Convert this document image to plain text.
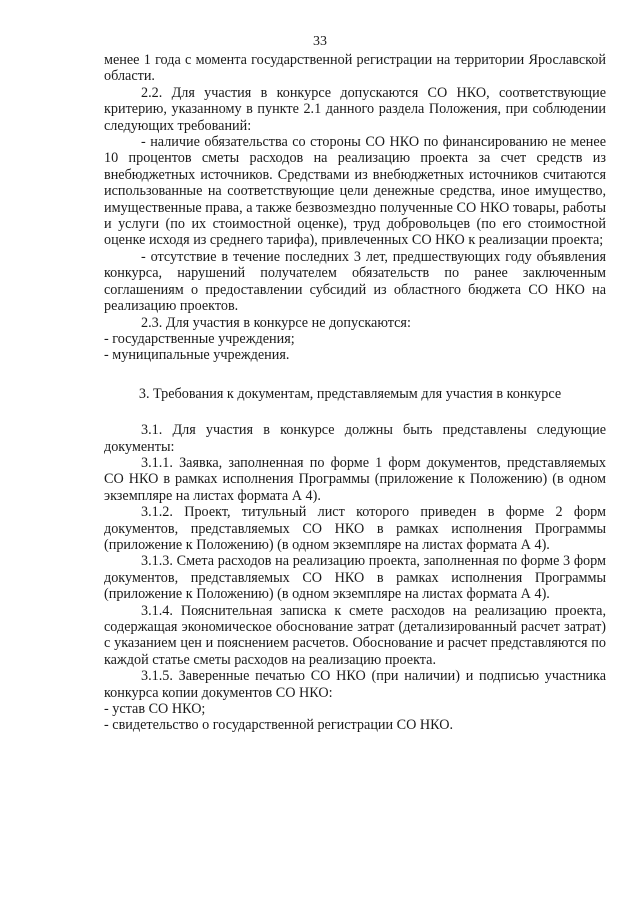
33

менее 1 года с момента государственной регистрации на территории Ярославской области.

2.2. Для участия в конкурсе допускаются СО НКО, соответствующие критерию, указанному в пункте 2.1 данного раздела Положения, при соблюдении следующих требований:

- наличие обязательства со стороны СО НКО по финансированию не менее 10 процентов сметы расходов на реализацию проекта за счет средств из внебюджетных источников. Средствами из внебюджетных источников считаются использованные на соответствующие цели денежные средства, иное имущество, имущественные права, а также безвозмездно полученные СО НКО товары, работы и услуги (по их стоимостной оценке), труд добровольцев (по его стоимостной оценке исходя из среднего тарифа), привлеченных СО НКО к реализации проекта;

- отсутствие в течение последних 3 лет, предшествующих году объявления конкурса, нарушений получателем обязательств по ранее заключенным соглашениям о предоставлении субсидий из областного бюджета СО НКО на реализацию проектов.

2.3. Для участия в конкурсе не допускаются:

- государственные учреждения;

- муниципальные учреждения.

3. Требования к документам, представляемым для участия в конкурсе

3.1. Для участия в конкурсе должны быть представлены следующие документы:

3.1.1. Заявка, заполненная по форме 1 форм документов, представляемых СО НКО в рамках исполнения Программы (приложение к Положению) (в одном экземпляре на листах формата А 4).

3.1.2. Проект, титульный лист которого приведен в форме 2 форм документов, представляемых СО НКО в рамках исполнения Программы (приложение к Положению) (в одном экземпляре на листах формата А 4).

3.1.3. Смета расходов на реализацию проекта, заполненная по форме 3 форм документов, представляемых СО НКО в рамках исполнения Программы (приложение к Положению) (в одном экземпляре на листах формата А 4).

3.1.4. Пояснительная записка к смете расходов на реализацию проекта, содержащая экономическое обоснование затрат (детализированный расчет затрат) с указанием цен и пояснением расчетов. Обоснование и расчет представляются по каждой статье сметы расходов на реализацию проекта.

3.1.5. Заверенные печатью СО НКО (при наличии) и подписью участника конкурса копии документов СО НКО:

- устав СО НКО;

- свидетельство о государственной регистрации СО НКО.
